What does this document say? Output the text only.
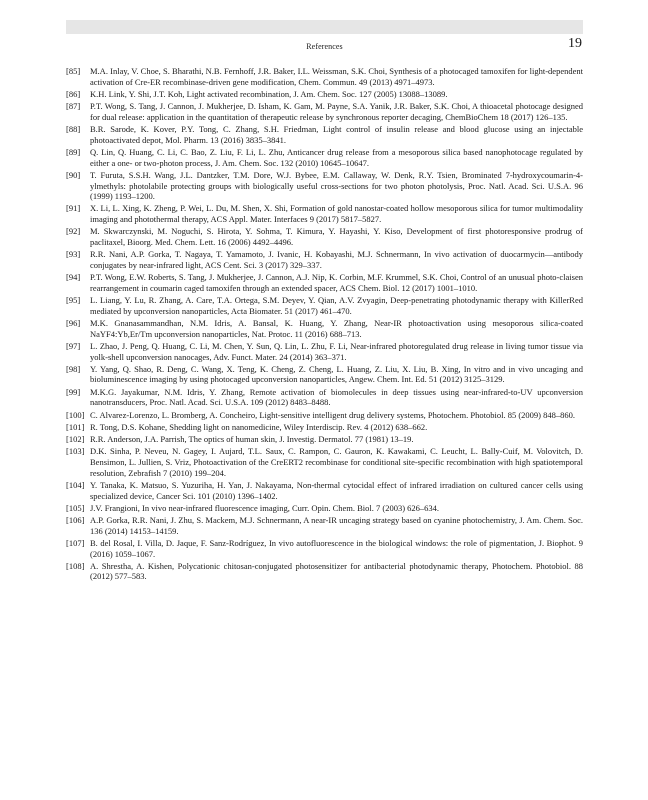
References	19
[85]	M.A. Inlay, V. Choe, S. Bharathi, N.B. Fernhoff, J.R. Baker, I.L. Weissman, S.K. Choi, Synthesis of a photocaged tamoxifen for light-dependent activation of Cre-ER recombinase-driven gene modification, Chem. Commun. 49 (2013) 4971–4973.
[86]	K.H. Link, Y. Shi, J.T. Koh, Light activated recombination, J. Am. Chem. Soc. 127 (2005) 13088–13089.
[87]	P.T. Wong, S. Tang, J. Cannon, J. Mukherjee, D. Isham, K. Gam, M. Payne, S.A. Yanik, J.R. Baker, S.K. Choi, A thioacetal photocage designed for dual release: application in the quantitation of therapeutic release by synchronous reporter decaging, ChemBioChem 18 (2017) 126–135.
[88]	B.R. Sarode, K. Kover, P.Y. Tong, C. Zhang, S.H. Friedman, Light control of insulin release and blood glucose using an injectable photoactivated depot, Mol. Pharm. 13 (2016) 3835–3841.
[89]	Q. Lin, Q. Huang, C. Li, C. Bao, Z. Liu, F. Li, L. Zhu, Anticancer drug release from a mesoporous silica based nanophotocage regulated by either a one- or two-photon process, J. Am. Chem. Soc. 132 (2010) 10645–10647.
[90]	T. Furuta, S.S.H. Wang, J.L. Dantzker, T.M. Dore, W.J. Bybee, E.M. Callaway, W. Denk, R.Y. Tsien, Brominated 7-hydroxycoumarin-4-ylmethyls: photolabile protecting groups with biologically useful cross-sections for two photon photolysis, Proc. Natl. Acad. Sci. U.S.A. 96 (1999) 1193–1200.
[91]	X. Li, L. Xing, K. Zheng, P. Wei, L. Du, M. Shen, X. Shi, Formation of gold nanostar-coated hollow mesoporous silica for tumor multimodality imaging and photothermal therapy, ACS Appl. Mater. Interfaces 9 (2017) 5817–5827.
[92]	M. Skwarczynski, M. Noguchi, S. Hirota, Y. Sohma, T. Kimura, Y. Hayashi, Y. Kiso, Development of first photoresponsive prodrug of paclitaxel, Bioorg. Med. Chem. Lett. 16 (2006) 4492–4496.
[93]	R.R. Nani, A.P. Gorka, T. Nagaya, T. Yamamoto, J. Ivanic, H. Kobayashi, M.J. Schnermann, In vivo activation of duocarmycin—antibody conjugates by near-infrared light, ACS Cent. Sci. 3 (2017) 329–337.
[94]	P.T. Wong, E.W. Roberts, S. Tang, J. Mukherjee, J. Cannon, A.J. Nip, K. Corbin, M.F. Krummel, S.K. Choi, Control of an unusual photo-claisen rearrangement in coumarin caged tamoxifen through an extended spacer, ACS Chem. Biol. 12 (2017) 1001–1010.
[95]	L. Liang, Y. Lu, R. Zhang, A. Care, T.A. Ortega, S.M. Deyev, Y. Qian, A.V. Zvyagin, Deep-penetrating photodynamic therapy with KillerRed mediated by upconversion nanoparticles, Acta Biomater. 51 (2017) 461–470.
[96]	M.K. Gnanasammandhan, N.M. Idris, A. Bansal, K. Huang, Y. Zhang, Near-IR photoactivation using mesoporous silica-coated NaYF4:Yb,Er/Tm upconversion nanoparticles, Nat. Protoc. 11 (2016) 688–713.
[97]	L. Zhao, J. Peng, Q. Huang, C. Li, M. Chen, Y. Sun, Q. Lin, L. Zhu, F. Li, Near-infrared photoregulated drug release in living tumor tissue via yolk-shell upconversion nanocages, Adv. Funct. Mater. 24 (2014) 363–371.
[98]	Y. Yang, Q. Shao, R. Deng, C. Wang, X. Teng, K. Cheng, Z. Cheng, L. Huang, Z. Liu, X. Liu, B. Xing, In vitro and in vivo uncaging and bioluminescence imaging by using photocaged upconversion nanoparticles, Angew. Chem. Int. Ed. 51 (2012) 3125–3129.
[99]	M.K.G. Jayakumar, N.M. Idris, Y. Zhang, Remote activation of biomolecules in deep tissues using near-infrared-to-UV upconversion nanotransducers, Proc. Natl. Acad. Sci. U.S.A. 109 (2012) 8483–8488.
[100] C. Alvarez-Lorenzo, L. Bromberg, A. Concheiro, Light-sensitive intelligent drug delivery systems, Photochem. Photobiol. 85 (2009) 848–860.
[101] R. Tong, D.S. Kohane, Shedding light on nanomedicine, Wiley Interdiscip. Rev. 4 (2012) 638–662.
[102] R.R. Anderson, J.A. Parrish, The optics of human skin, J. Investig. Dermatol. 77 (1981) 13–19.
[103] D.K. Sinha, P. Neveu, N. Gagey, I. Aujard, T.L. Saux, C. Rampon, C. Gauron, K. Kawakami, C. Leucht, L. Bally-Cuif, M. Volovitch, D. Bensimon, L. Jullien, S. Vriz, Photoactivation of the CreERT2 recombinase for conditional site-specific recombination with high spatiotemporal resolution, Zebrafish 7 (2010) 199–204.
[104] Y. Tanaka, K. Matsuo, S. Yuzuriha, H. Yan, J. Nakayama, Non-thermal cytocidal effect of infrared irradiation on cultured cancer cells using specialized device, Cancer Sci. 101 (2010) 1396–1402.
[105] J.V. Frangioni, In vivo near-infrared fluorescence imaging, Curr. Opin. Chem. Biol. 7 (2003) 626–634.
[106] A.P. Gorka, R.R. Nani, J. Zhu, S. Mackem, M.J. Schnermann, A near-IR uncaging strategy based on cyanine photochemistry, J. Am. Chem. Soc. 136 (2014) 14153–14159.
[107] B. del Rosal, I. Villa, D. Jaque, F. Sanz-Rodríguez, In vivo autofluorescence in the biological windows: the role of pigmentation, J. Biophot. 9 (2016) 1059–1067.
[108] A. Shrestha, A. Kishen, Polycationic chitosan-conjugated photosensitizer for antibacterial photodynamic therapy, Photochem. Photobiol. 88 (2012) 577–583.
